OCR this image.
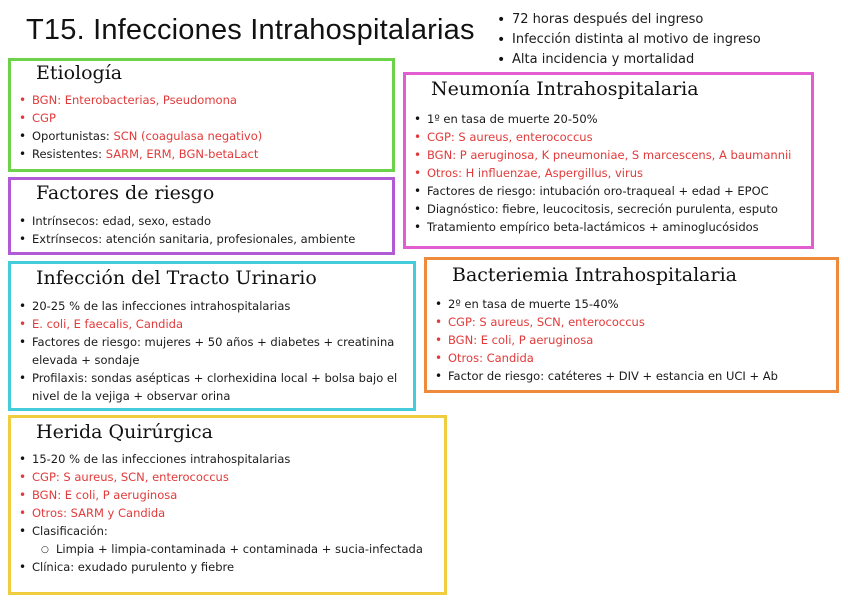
T15. Infecciones Intrahospitalarias
•	72 horas después del ingreso
• Infección distinta al motivo de ingreso
• Alta incidencia y mortalidad
Etiología
• BGN: Enterobacterias, Pseudomona
• CGP
• Oportunistas: SCN (coagulasa negativo)
• Resistentes: SARM, ERM, BGN-betaLact
Factores de riesgo
• Intrínsecos: edad, sexo, estado
• Extrínsecos: atención sanitaria, profesionales, ambiente
Infección del Tracto Urinario
• 20-25 % de las infecciones intrahospitalarias
• E. coli, E faecalis, Candida
• Factores de riesgo: mujeres + 50 años + diabetes + creatinina elevada + sondaje
• Profilaxis: sondas asépticas + clorhexidina local + bolsa bajo el nivel de la vejiga + observar orina
Herida Quirúrgica
• 15-20 % de las infecciones intrahospitalarias
• CGP: S aureus, SCN, enterococcus
• BGN: E coli, P aeruginosa
• Otros: SARM y Candida
• Clasificación:
○ Limpia + limpia-contaminada + contaminada + sucia-infectada
• Clínica: exudado purulento y fiebre
Neumonía Intrahospitalaria
• 1º en tasa de muerte 20-50%
• CGP: S aureus, enterococcus
• BGN: P aeruginosa, K pneumoniae, S marcescens, A baumannii
• Otros: H influenzae, Aspergillus, virus
• Factores de riesgo: intubación oro-traqueal + edad + EPOC
• Diagnóstico: fiebre, leucocitosis, secreción purulenta, esputo
• Tratamiento empírico beta-lactámicos + aminoglucósidos
Bacteriemia Intrahospitalaria
• 2º en tasa de muerte 15-40%
• CGP: S aureus, SCN, enterococcus
• BGN: E coli, P aeruginosa
• Otros: Candida
• Factor de riesgo: catéteres + DIV + estancia en UCI + Ab
